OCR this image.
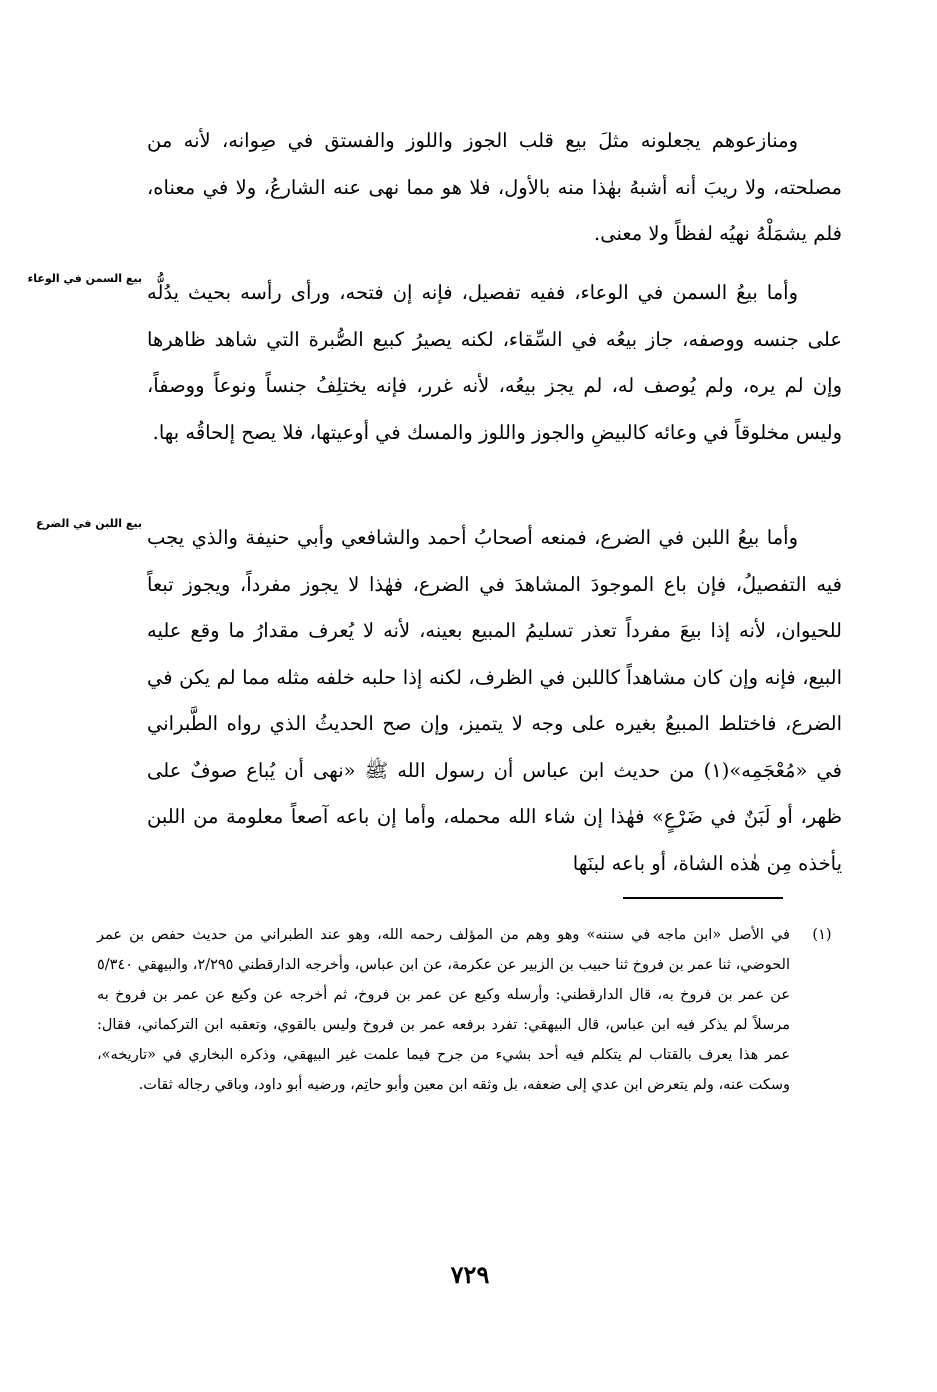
بيع السمن في الوعاء
بيع اللبن في الضرع

ومنازعوهم يجعلونه مثلَ بيع قلب الجوز واللوز والفستق في صِوانه، لأنه من مصلحته، ولا ريبَ أنه أشبهُ بهٰذا منه بالأول، فلا هو مما نهى عنه الشارعُ، ولا في معناه، فلم يشمَلْهُ نهيُه لفظاً ولا معنى.

وأما بيعُ السمن في الوعاء، ففيه تفصيل، فإنه إن فتحه، ورأى رأسه بحيث يدُلُّه على جنسه ووصفه، جاز بيعُه في السِّقاء، لكنه يصيرُ كبيع الصُّبرة التي شاهد ظاهرها وإن لم يره، ولم يُوصف له، لم يجز بيعُه، لأنه غرر، فإنه يختلِفُ جنساً ونوعاً ووصفاً، وليس مخلوقاً في وعائه كالبيضِ والجوز واللوز والمسك في أوعيتها، فلا يصح إلحاقُه بها.

وأما بيعُ اللبن في الضرع، فمنعه أصحابُ أحمد والشافعي وأبي حنيفة والذي يجب فيه التفصيلُ، فإن باع الموجودَ المشاهدَ في الضرع، فهٰذا لا يجوز مفرداً، ويجوز تبعاً للحيوان، لأنه إذا بيعَ مفرداً تعذر تسليمُ المبيع بعينه، لأنه لا يُعرف مقدارُ ما وقع عليه البيع، فإنه وإن كان مشاهداً كاللبن في الظرف، لكنه إذا حلبه خلفه مثله مما لم يكن في الضرع، فاختلط المبيعُ بغيره على وجه لا يتميز، وإن صح الحديثُ الذي رواه الطَّبراني في «مُعْجَمِه»(١) من حديث ابن عباس أن رسول الله ﷺ «نهى أن يُباع صوفٌ على ظهر، أو لَبَنٌ في ضَرْعٍ» فهٰذا إن شاء الله محمله، وأما إن باعه آصعاً معلومة من اللبن يأخذه مِن هٰذه الشاة، أو باعه لبنَها

(١)
في الأصل «ابن ماجه في سننه» وهو وهم من المؤلف رحمه الله، وهو عند الطبراني من حديث حفص بن عمر الحوضي، ثنا عمر بن فروخ ثنا حبيب بن الزبير عن عكرمة، عن ابن عباس، وأخرجه الدارقطني ٢/٢٩٥، والبيهقي ٥/٣٤٠ عن عمر بن فروخ به، قال الدارقطني: وأرسله وكيع عن عمر بن فروخ، ثم أخرجه عن وكيع عن عمر بن فروخ به مرسلاً لم يذكر فيه ابن عباس، قال البيهقي: تفرد برفعه عمر بن فروخ وليس بالقوي، وتعقبه ابن التركماني، فقال: عمر هذا يعرف بالقتاب لم يتكلم فيه أحد بشيء من جرح فيما علمت غير البيهقي، وذكره البخاري في «تاريخه»، وسكت عنه، ولم يتعرض ابن عدي إلى ضعفه، بل وثقه ابن معين وأبو حاتِم، ورضيه أبو داود، وباقي رجاله ثقات.
٧٢٩
